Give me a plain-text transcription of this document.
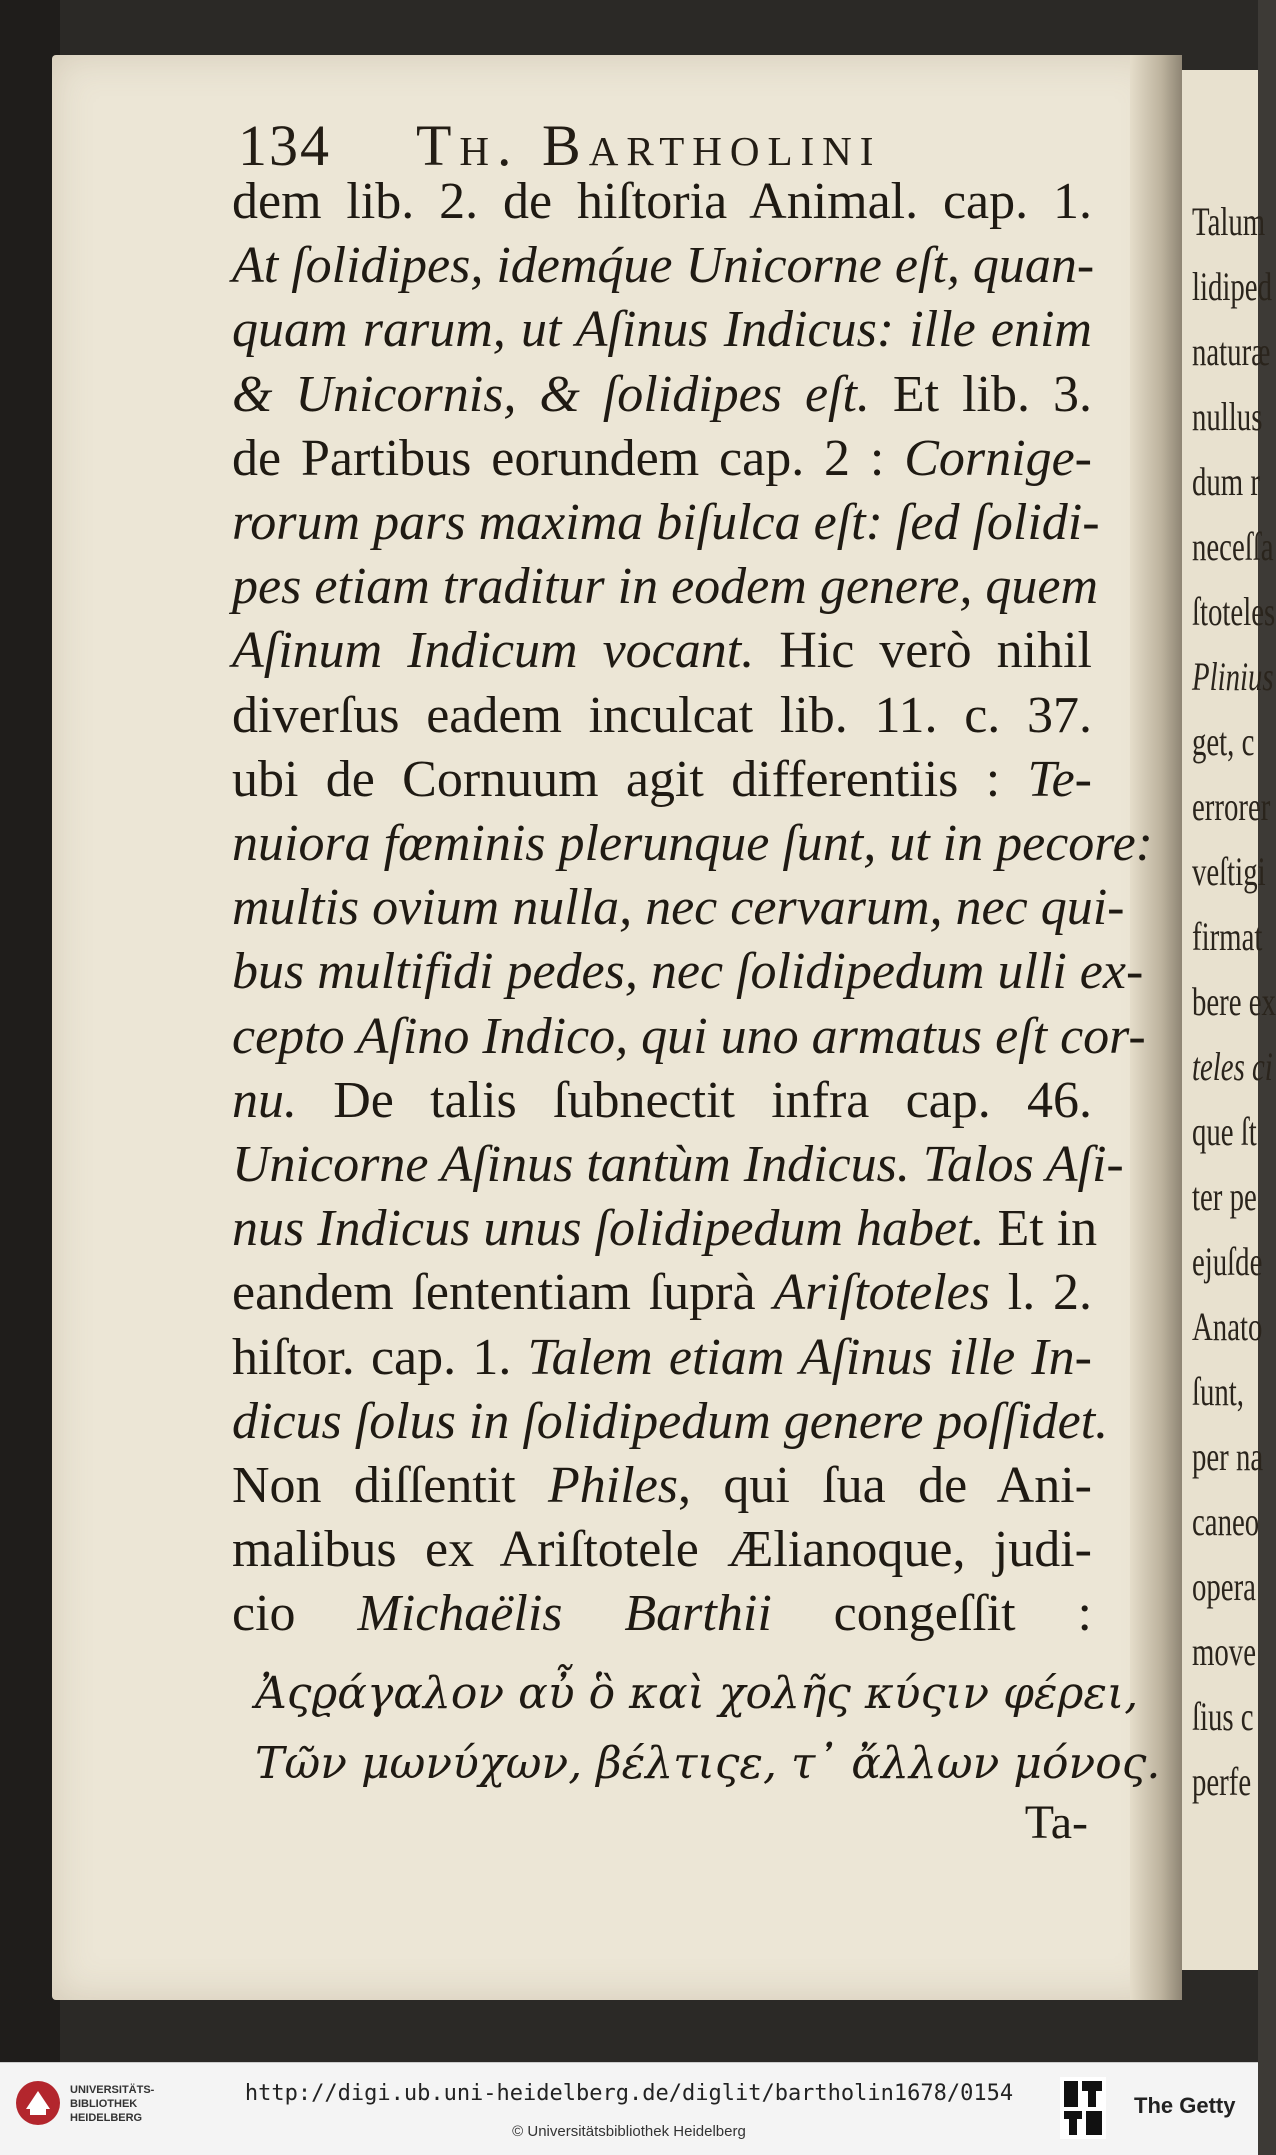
Talum
lidiped
naturæ
nullus
dum r
neceſſa
ſtoteles
Plinius
get, c
errorer
veſtigi
firmat
bere ex
teles ci
que ſt
ter pe
ejuſde
Anato
ſunt,
per na
caneo
opera
move
ſius c
perfe
134 Th. Bartholini
dem lib. 2. de hiſtoria Animal. cap. 1.
At ſolidipes, idemq́ue Unicorne eſt, quan-
quam rarum, ut Aſinus Indicus: ille enim
& Unicornis, & ſolidipes eſt. Et lib. 3.
de Partibus eorundem cap. 2 : Cornige-
rorum pars maxima biſulca eſt: ſed ſolidi-
pes etiam traditur in eodem genere, quem
Aſinum Indicum vocant. Hic verò nihil
diverſus eadem inculcat lib. 11. c. 37.
ubi de Cornuum agit differentiis : Te-
nuiora fœminis plerunque ſunt, ut in pecore:
multis ovium nulla, nec cervarum, nec qui-
bus multifidi pedes, nec ſolidipedum ulli ex-
cepto Aſino Indico, qui uno armatus eſt cor-
nu. De talis ſubnectit infra cap. 46.
Unicorne Aſinus tantùm Indicus. Talos Aſi-
nus Indicus unus ſolidipedum habet. Et in
eandem ſententiam ſuprà Ariſtoteles l. 2.
hiſtor. cap. 1. Talem etiam Aſinus ille In-
dicus ſolus in ſolidipedum genere poſſidet.
Non diſſentit Philes, qui ſua de Ani-
malibus ex Ariſtotele Ælianoque, judi-
cio Michaëlis Barthii congeſſit :
Ἀςϱάγαλον αὖ ὃ καὶ χολῆς κύςιν φέρει,
Τῶν μωνύχων, βέλτιςε, τ᾽ ἄλλων μόνος.
Ta-
UNIVERSITÄTS-
BIBLIOTHEK
HEIDELBERG
http://digi.ub.uni-heidelberg.de/diglit/bartholin1678/0154
© Universitätsbibliothek Heidelberg
The Getty
